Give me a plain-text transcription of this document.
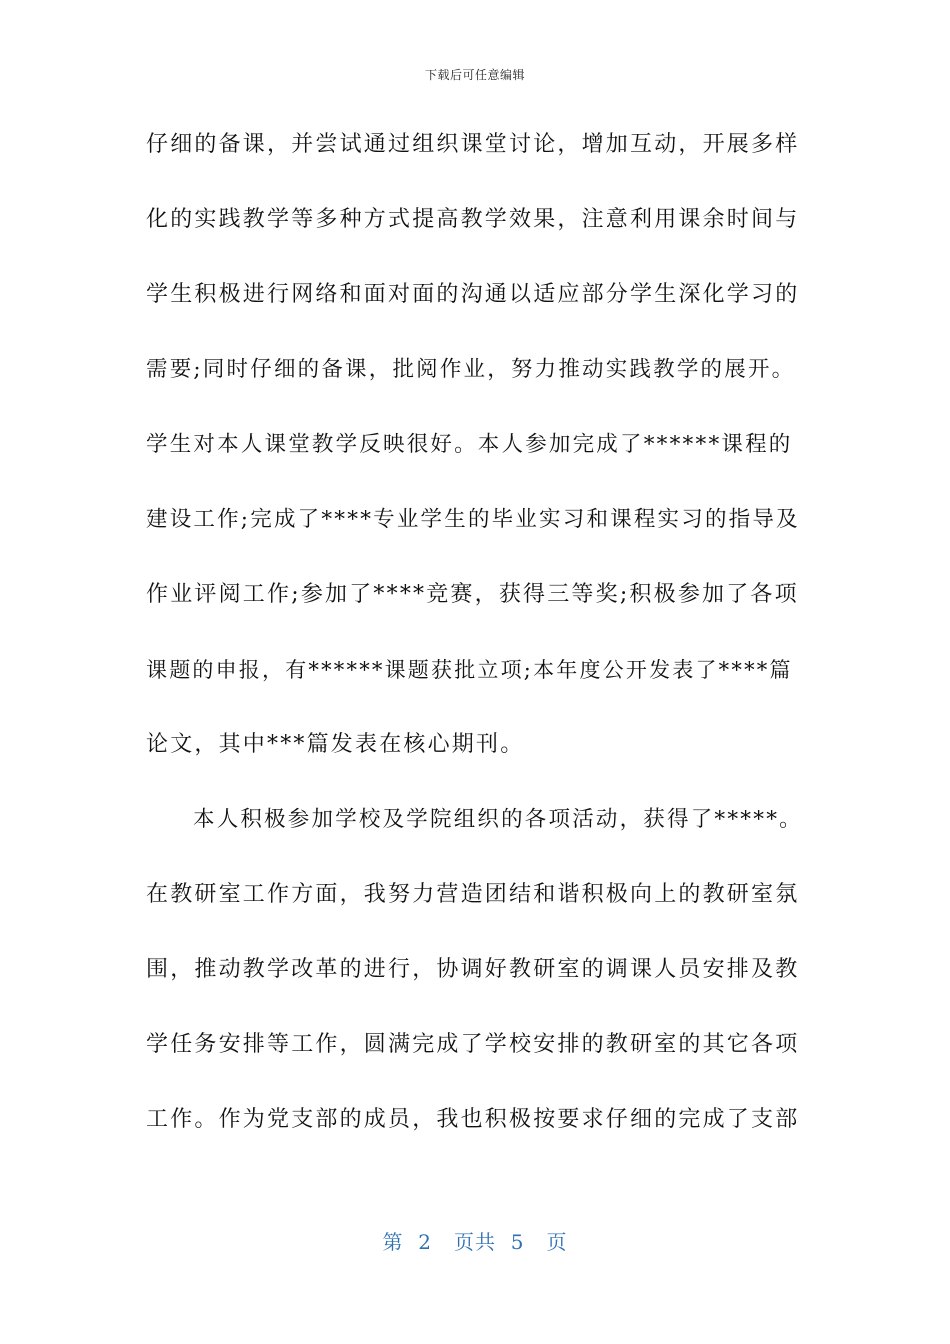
下载后可任意编辑
仔细的备课，并尝试通过组织课堂讨论，增加互动，开展多样
化的实践教学等多种方式提高教学效果，注意利用课余时间与
学生积极进行网络和面对面的沟通以适应部分学生深化学习的
需要;同时仔细的备课，批阅作业，努力推动实践教学的展开。
学生对本人课堂教学反映很好。本人参加完成了******课程的
建设工作;完成了****专业学生的毕业实习和课程实习的指导及
作业评阅工作;参加了****竞赛，获得三等奖;积极参加了各项
课题的申报，有******课题获批立项;本年度公开发表了****篇
论文，其中***篇发表在核心期刊。
本人积极参加学校及学院组织的各项活动，获得了*****。
在教研室工作方面，我努力营造团结和谐积极向上的教研室氛
围，推动教学改革的进行，协调好教研室的调课人员安排及教
学任务安排等工作，圆满完成了学校安排的教研室的其它各项
工作。作为党支部的成员，我也积极按要求仔细的完成了支部
第  2   页共  5   页
